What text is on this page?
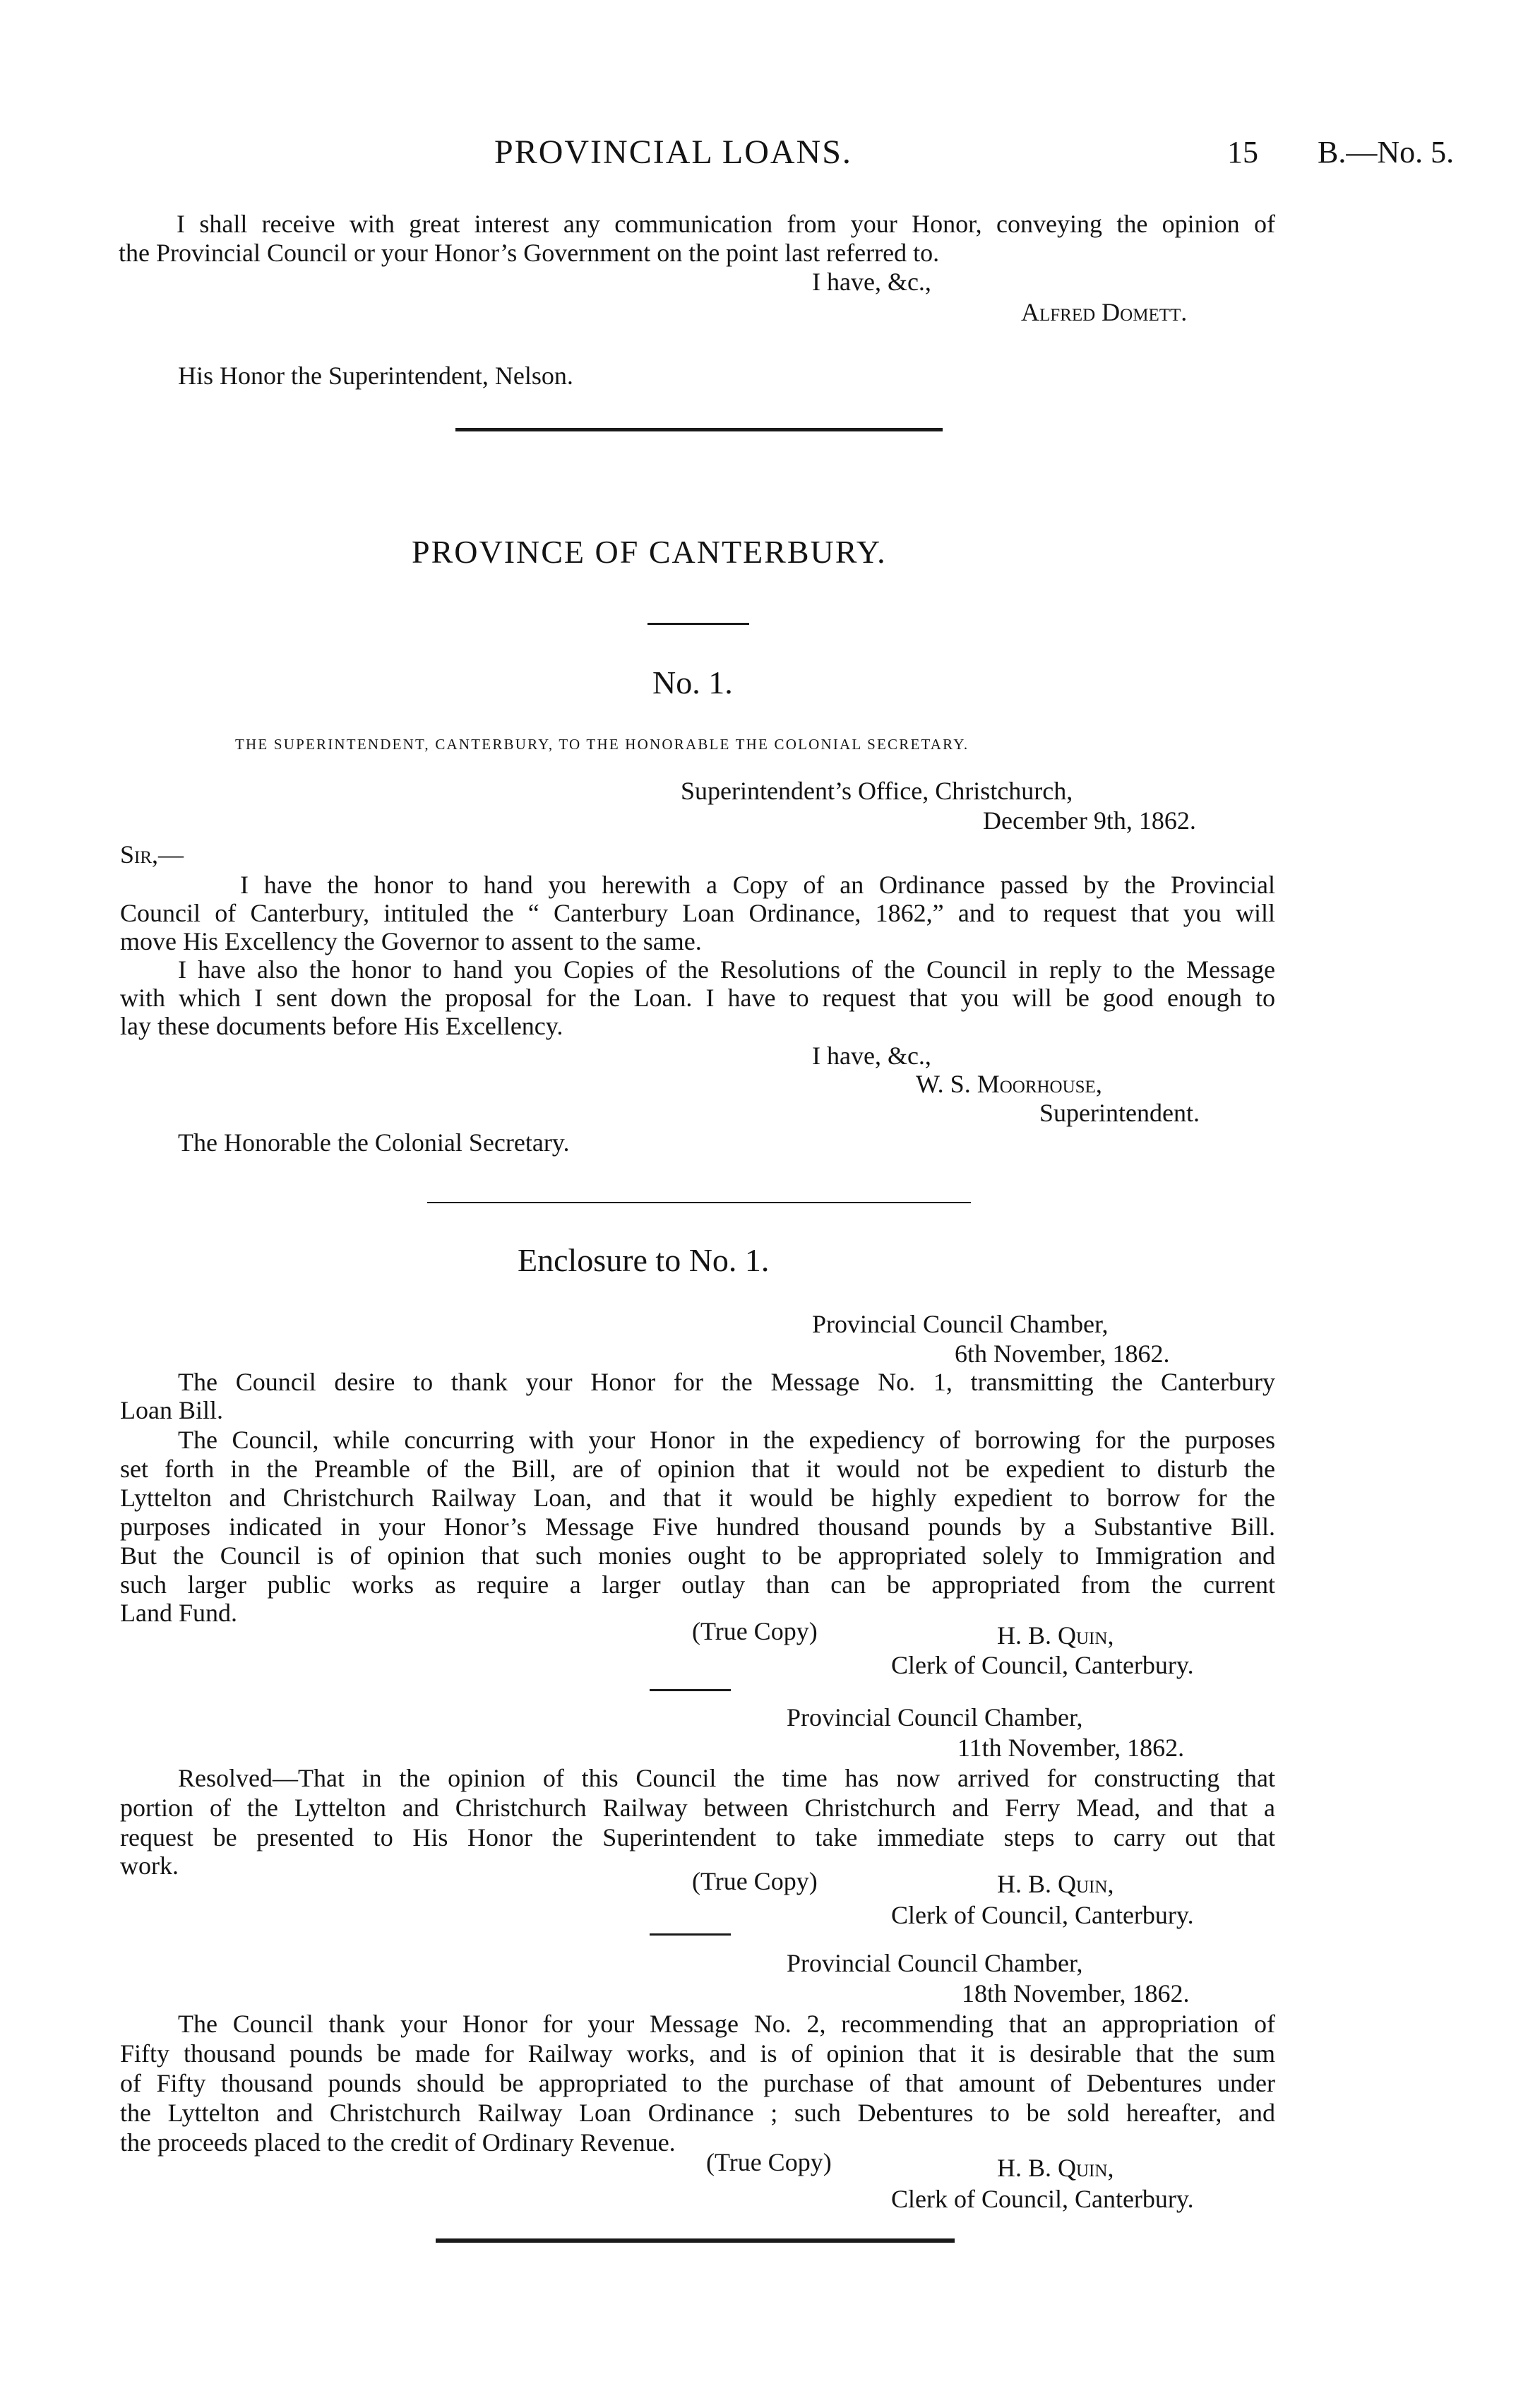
PROVINCIAL LOANS.	15 B.—No. 5.
I shall receive with great interest any communication from your Honor, conveying the opinion of
the Provincial Council or your Honor’s Government on the point last referred to.
I have, &c.,
Alfred Domett.
His Honor the Superintendent, Nelson.
PROVINCE OF CANTERBURY.
No. 1.
THE SUPERINTENDENT, CANTERBURY, TO THE HONORABLE THE COLONIAL SECRETARY.
Superintendent’s Office, Christchurch,
December 9th, 1862.
Sir,—
I have the honor to hand you herewith a Copy of an Ordinance passed by the Provincial
Council of Canterbury, intituled the “ Canterbury Loan Ordinance, 1862,” and to request that you will
move His Excellency the Governor to assent to the same.
I have also the honor to hand you Copies of the Resolutions of the Council in reply to the Message
with which I sent down the proposal for the Loan. I have to request that you will be good enough to
lay these documents before His Excellency.
I have, &c.,
W. S. Moorhouse,
Superintendent.
The Honorable the Colonial Secretary.
Enclosure to No. 1.
Provincial Council Chamber,
6th November, 1862.
The Council desire to thank your Honor for the Message No. 1, transmitting the Canterbury
Loan Bill.
The Council, while concurring with your Honor in the expediency of borrowing for the purposes
set forth in the Preamble of the Bill, are of opinion that it would not be expedient to disturb the
Lyttelton and Christchurch Railway Loan, and that it would be highly expedient to borrow for the
purposes indicated in your Honor’s Message Five hundred thousand pounds by a Substantive Bill.
But the Council is of opinion that such monies ought to be appropriated solely to Immigration and
such larger public works as require a larger outlay than can be appropriated from the current
Land Fund.
(True Copy)	H. B. Quin,
Clerk of Council, Canterbury.
Provincial Council Chamber,
11th November, 1862.
Resolved—That in the opinion of this Council the time has now arrived for constructing that
portion of the Lyttelton and Christchurch Railway between Christchurch and Ferry Mead, and that a
request be presented to His Honor the Superintendent to take immediate steps to carry out that
work.
(True Copy)	H. B. Quin,
Clerk of Council, Canterbury.
Provincial Council Chamber,
18th November, 1862.
The Council thank your Honor for your Message No. 2, recommending that an appropriation of
Fifty thousand pounds be made for Railway works, and is of opinion that it is desirable that the sum
of Fifty thousand pounds should be appropriated to the purchase of that amount of Debentures under
the Lyttelton and Christchurch Railway Loan Ordinance ; such Debentures to be sold hereafter, and
the proceeds placed to the credit of Ordinary Revenue.
(True Copy)	H. B. Quin,
Clerk of Council, Canterbury.
